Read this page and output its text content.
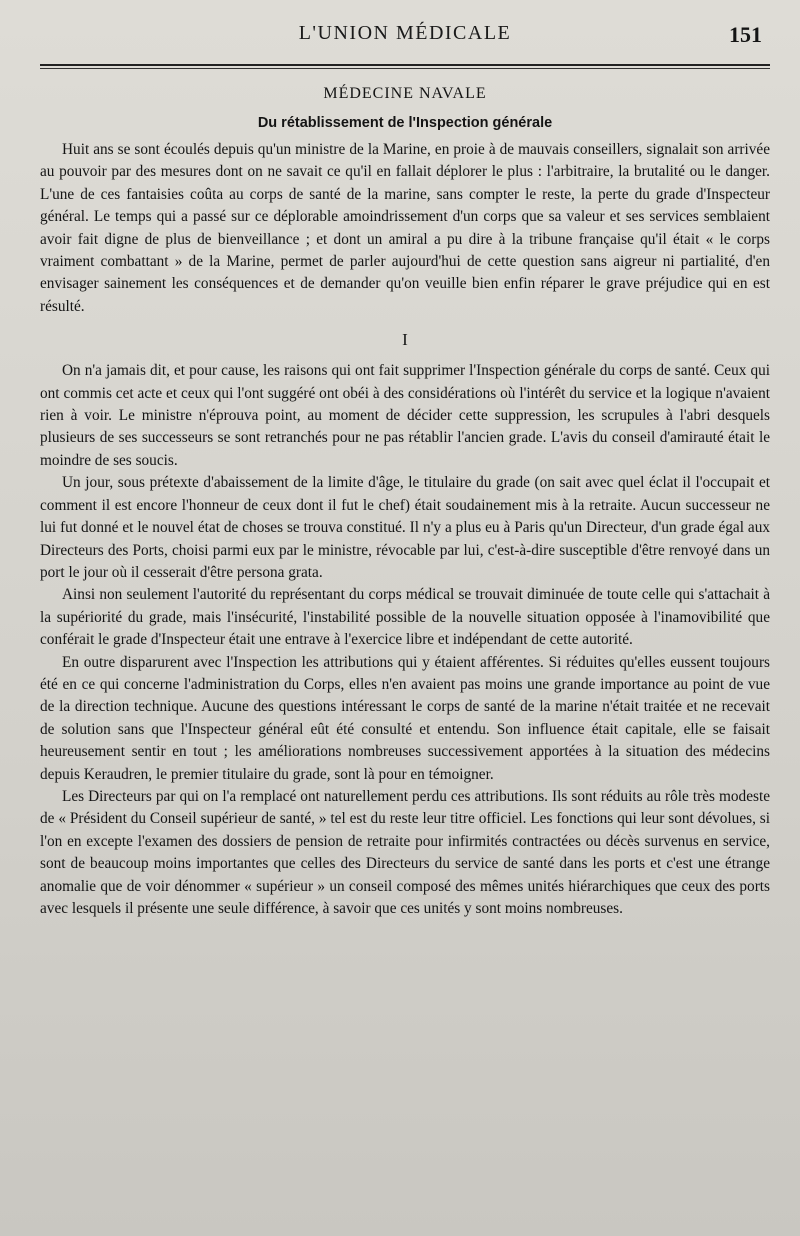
L'UNION MÉDICALE	151
MÉDECINE NAVALE
Du rétablissement de l'Inspection générale

Huit ans se sont écoulés depuis qu'un ministre de la Marine, en proie à de mauvais conseillers, signalait son arrivée au pouvoir par des mesures dont on ne savait ce qu'il en fallait déplorer le plus : l'arbitraire, la brutalité ou le danger. L'une de ces fantaisies coûta au corps de santé de la marine, sans compter le reste, la perte du grade d'Inspecteur général. Le temps qui a passé sur ce déplorable amoindrissement d'un corps que sa valeur et ses services semblaient avoir fait digne de plus de bienveillance ; et dont un amiral a pu dire à la tribune française qu'il était « le corps vraiment combattant » de la Marine, permet de parler aujourd'hui de cette question sans aigreur ni partialité, d'en envisager sainement les conséquences et de demander qu'on veuille bien enfin réparer le grave préjudice qui en est résulté.

I

On n'a jamais dit, et pour cause, les raisons qui ont fait supprimer l'Inspection générale du corps de santé. Ceux qui ont commis cet acte et ceux qui l'ont suggéré ont obéi à des considérations où l'intérêt du service et la logique n'avaient rien à voir. Le ministre n'éprouva point, au moment de décider cette suppression, les scrupules à l'abri desquels plusieurs de ses successeurs se sont retranchés pour ne pas rétablir l'ancien grade. L'avis du conseil d'amirauté était le moindre de ses soucis.

Un jour, sous prétexte d'abaissement de la limite d'âge, le titulaire du grade (on sait avec quel éclat il l'occupait et comment il est encore l'honneur de ceux dont il fut le chef) était soudainement mis à la retraite. Aucun successeur ne lui fut donné et le nouvel état de choses se trouva constitué. Il n'y a plus eu à Paris qu'un Directeur, d'un grade égal aux Directeurs des Ports, choisi parmi eux par le ministre, révocable par lui, c'est-à-dire susceptible d'être renvoyé dans un port le jour où il cesserait d'être persona grata.

Ainsi non seulement l'autorité du représentant du corps médical se trouvait diminuée de toute celle qui s'attachait à la supériorité du grade, mais l'insécurité, l'instabilité possible de la nouvelle situation opposée à l'inamovibilité que conférait le grade d'Inspecteur était une entrave à l'exercice libre et indépendant de cette autorité.

En outre disparurent avec l'Inspection les attributions qui y étaient afférentes. Si réduites qu'elles eussent toujours été en ce qui concerne l'administration du Corps, elles n'en avaient pas moins une grande importance au point de vue de la direction technique. Aucune des questions intéressant le corps de santé de la marine n'était traitée et ne recevait de solution sans que l'Inspecteur général eût été consulté et entendu. Son influence était capitale, elle se faisait heureusement sentir en tout ; les améliorations nombreuses successivement apportées à la situation des médecins depuis Keraudren, le premier titulaire du grade, sont là pour en témoigner.

Les Directeurs par qui on l'a remplacé ont naturellement perdu ces attributions. Ils sont réduits au rôle très modeste de « Président du Conseil supérieur de santé, » tel est du reste leur titre officiel. Les fonctions qui leur sont dévolues, si l'on en excepte l'examen des dossiers de pension de retraite pour infirmités contractées ou décès survenus en service, sont de beaucoup moins importantes que celles des Directeurs du service de santé dans les ports et c'est une étrange anomalie que de voir dénommer « supérieur » un conseil composé des mêmes unités hiérarchiques que ceux des ports avec lesquels il présente une seule différence, à savoir que ces unités y sont moins nombreuses.
